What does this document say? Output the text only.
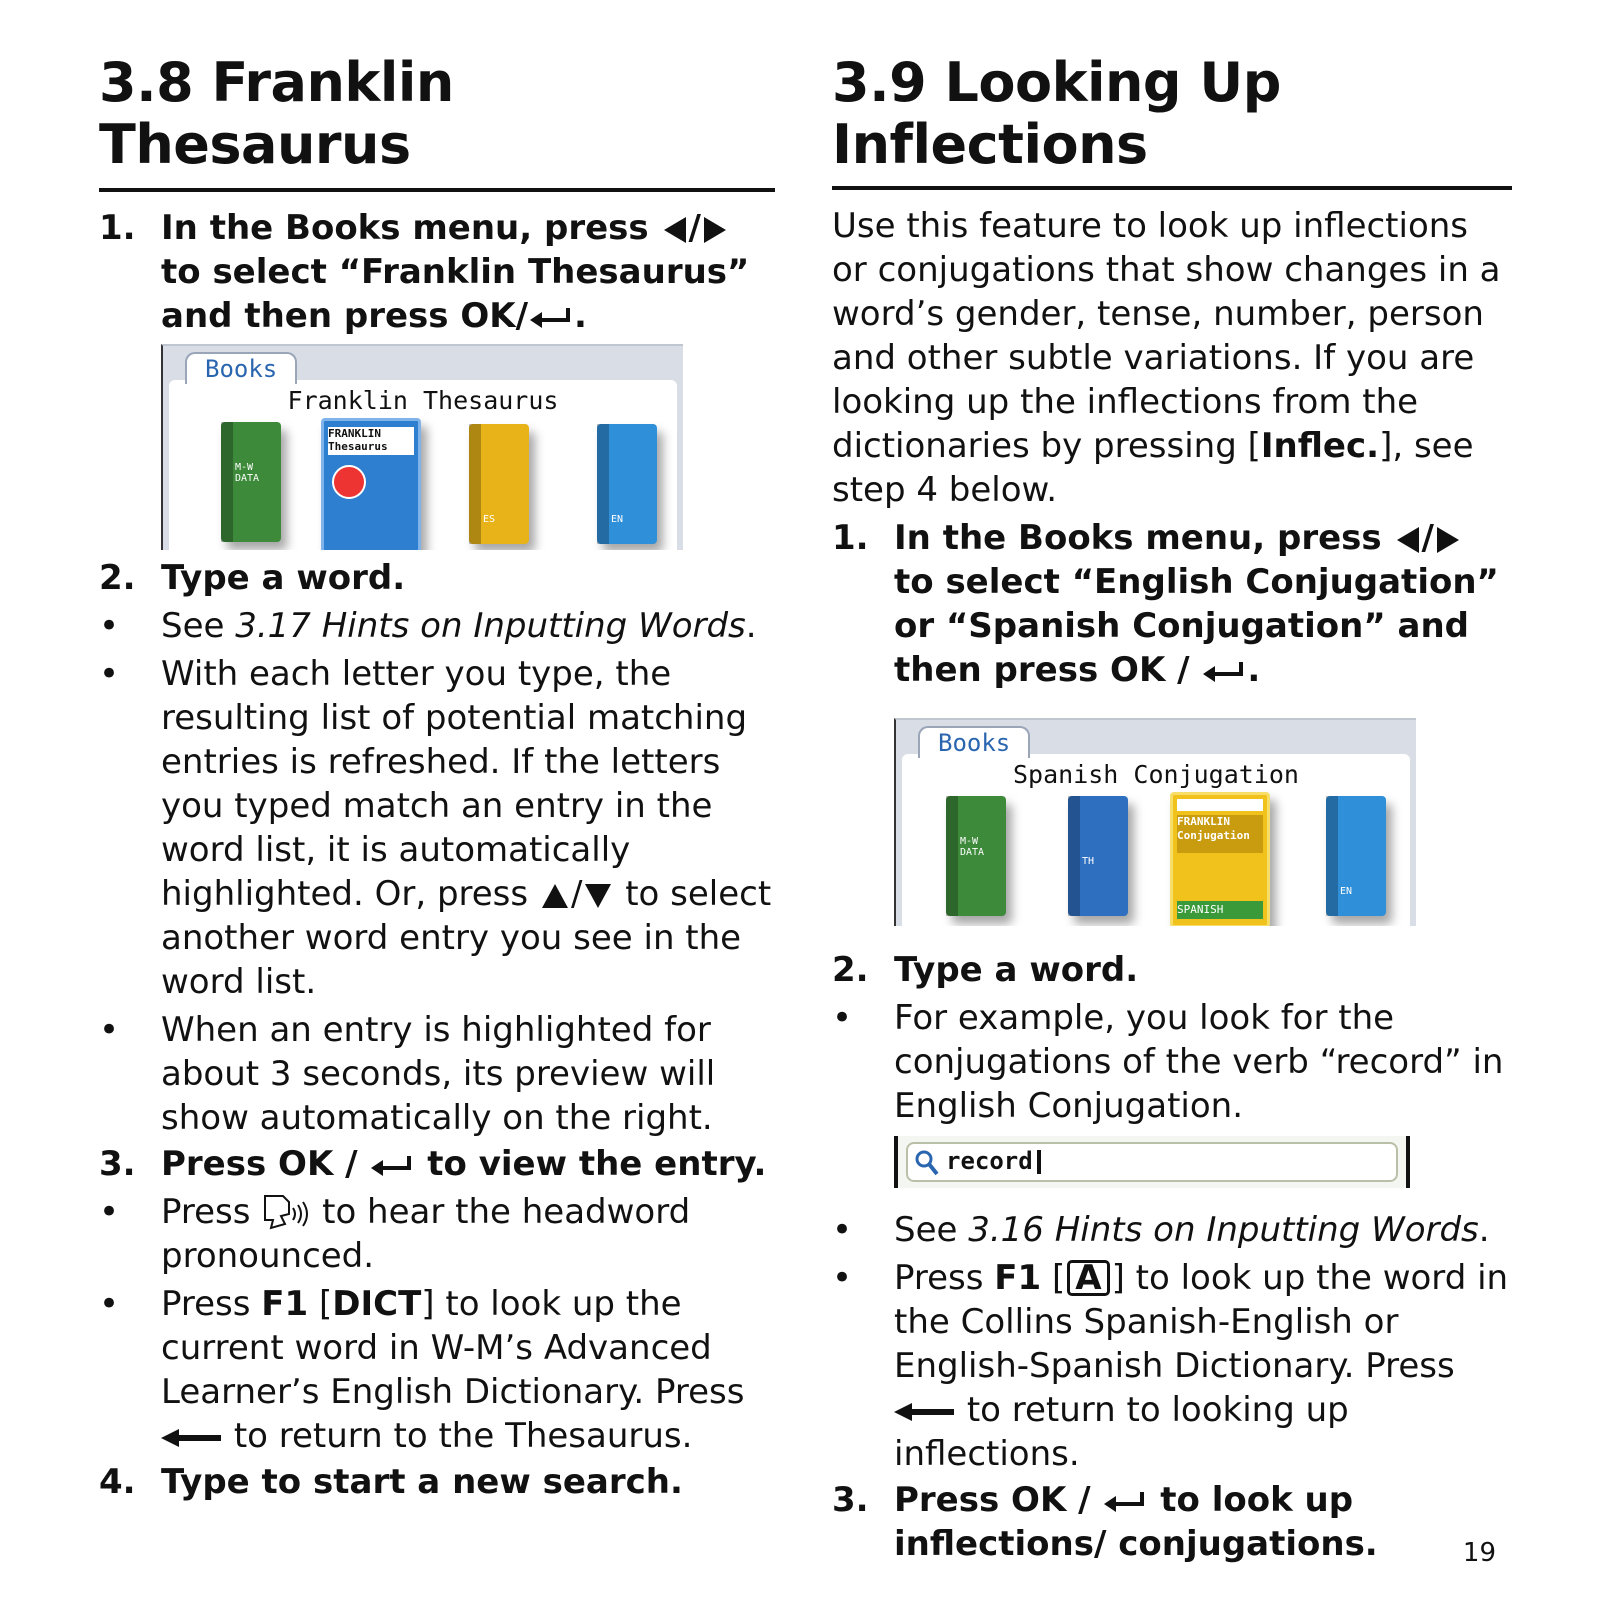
3.8 Franklin Thesaurus
1. In the Books menu, press / to select “Franklin Thesaurus” and then press OK/ .
Books
Franklin Thesaurus
M-W
DATA
FRANKLIN
Thesaurus
ES	EN
2. Type a word.
• See 3.17 Hints on Inputting Words.
• With each letter you type, the resulting list of potential matching entries is refreshed. If the letters you typed match an entry in the word list, it is automatically highlighted. Or, press / to select another word entry you see in the word list.
• When an entry is highlighted for about 3 seconds, its preview will show automatically on the right.
3. Press OK / to view the entry.
• Press to hear the headword pronounced.
• Press F1 [DICT] to look up the current word in W-M’s Advanced Learner’s English Dictionary. Press  to return to the Thesaurus.
4. Type to start a new search.
3.9 Looking Up
Inflections
Use this feature to look up inflections or conjugations that show changes in a word’s gender, tense, number, person and other subtle variations. If you are looking up the inflections from the dictionaries by pressing [Inflec.], see step 4 below.
1. In the Books menu, press / to select “English Conjugation” or “Spanish Conjugation” and then press OK / .
Books
Spanish Conjugation
M-W
DATA
TH
FRANKLIN
Conjugation
SPANISH
EN
2. Type a word.
• For example, you look for the conjugations of the verb “record” in English Conjugation.
record
• See 3.16 Hints on Inputting Words.
• Press F1 [ A ] to look up the word in the Collins Spanish-English or English-Spanish Dictionary. Press  to return to looking up inflections.
3. Press OK / to look up inflections/ conjugations.	19
